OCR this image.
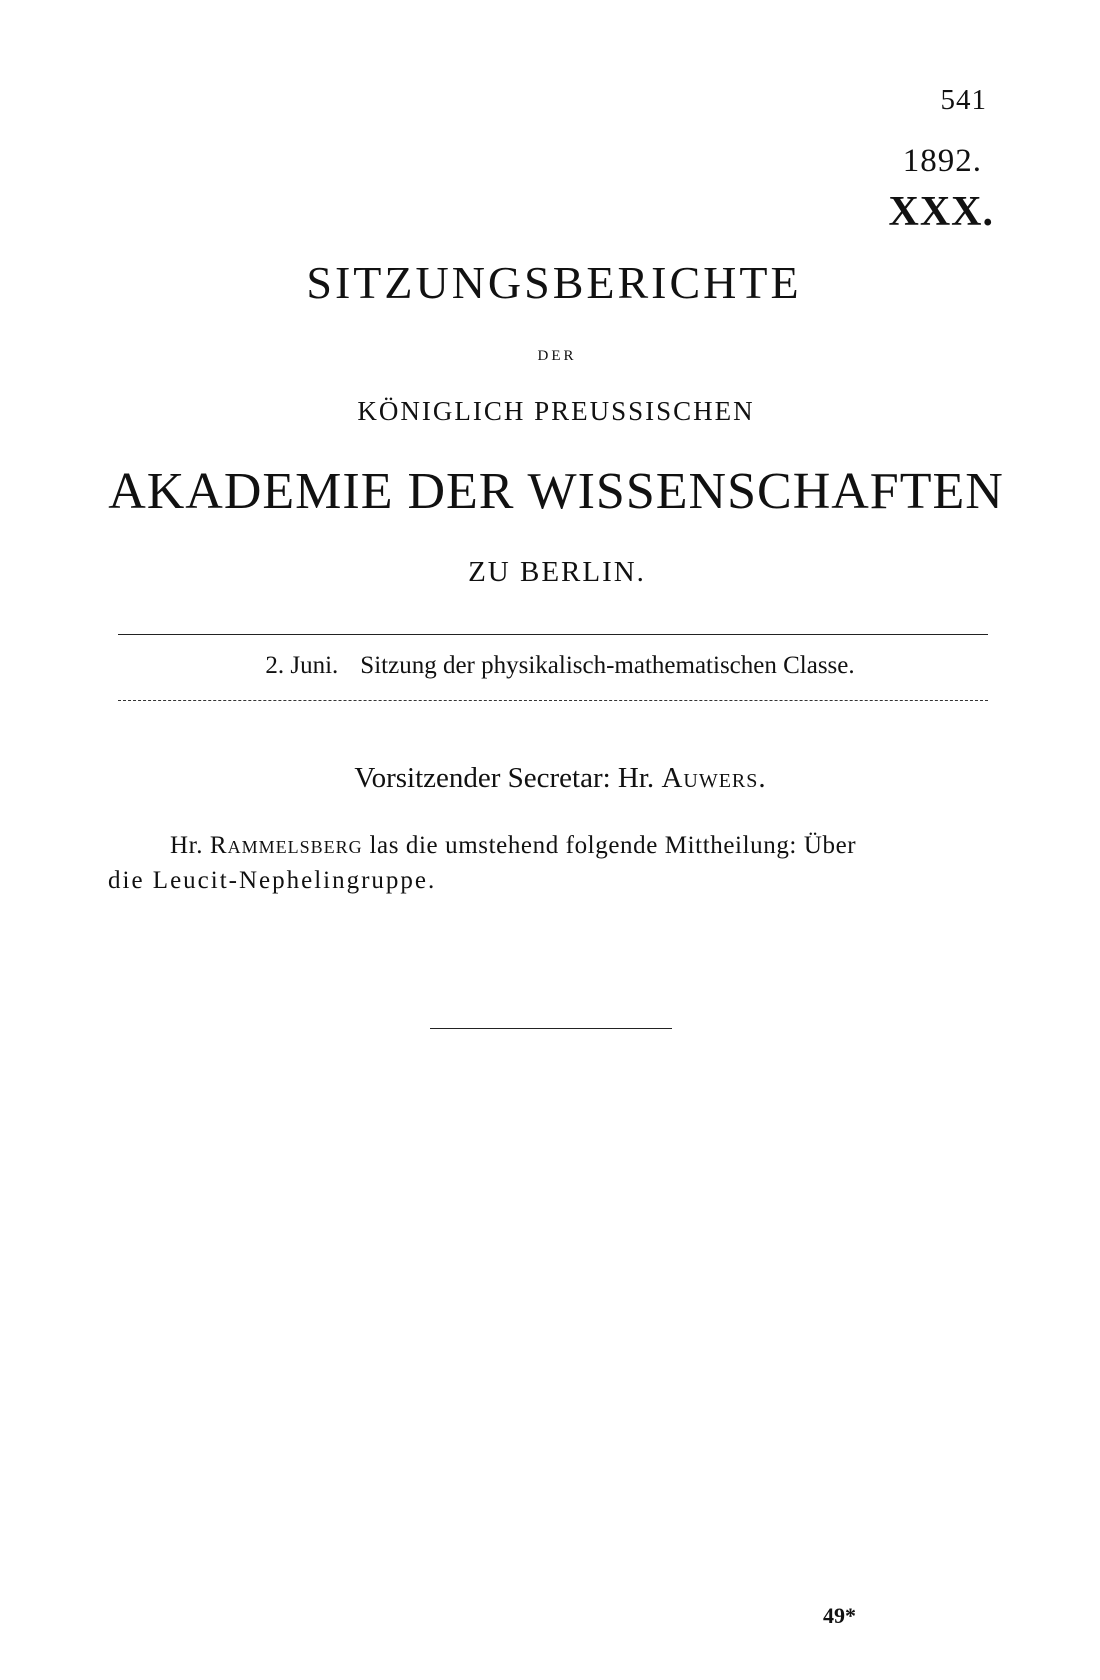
541
1892.
XXX.
SITZUNGSBERICHTE
DER
KÖNIGLICH PREUSSISCHEN
AKADEMIE DER WISSENSCHAFTEN
ZU BERLIN.
2. Juni. Sitzung der physikalisch-mathematischen Classe.
Vorsitzender Secretar: Hr. Auwers.
Hr. Rammelsberg las die umstehend folgende Mittheilung: Über
die Leucit-Nephelingruppe.
49*
